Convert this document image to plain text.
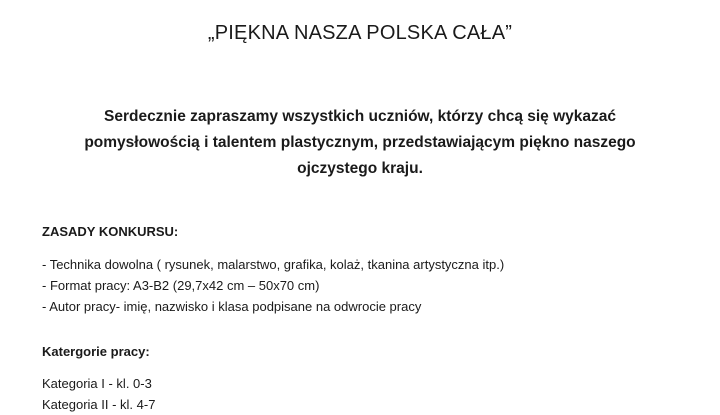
„PIĘKNA NASZA POLSKA CAŁA”
Serdecznie zapraszamy wszystkich uczniów, którzy chcą się wykazać
pomysłowością i talentem plastycznym, przedstawiającym piękno naszego
ojczystego kraju.
ZASADY KONKURSU:
- Technika dowolna ( rysunek, malarstwo, grafika, kolaż, tkanina artystyczna itp.)
- Format pracy: A3-B2 (29,7x42 cm – 50x70 cm)
- Autor pracy- imię, nazwisko i klasa podpisane na odwrocie pracy
Katergorie pracy:
Kategoria I - kl. 0-3
Kategoria II - kl. 4-7
